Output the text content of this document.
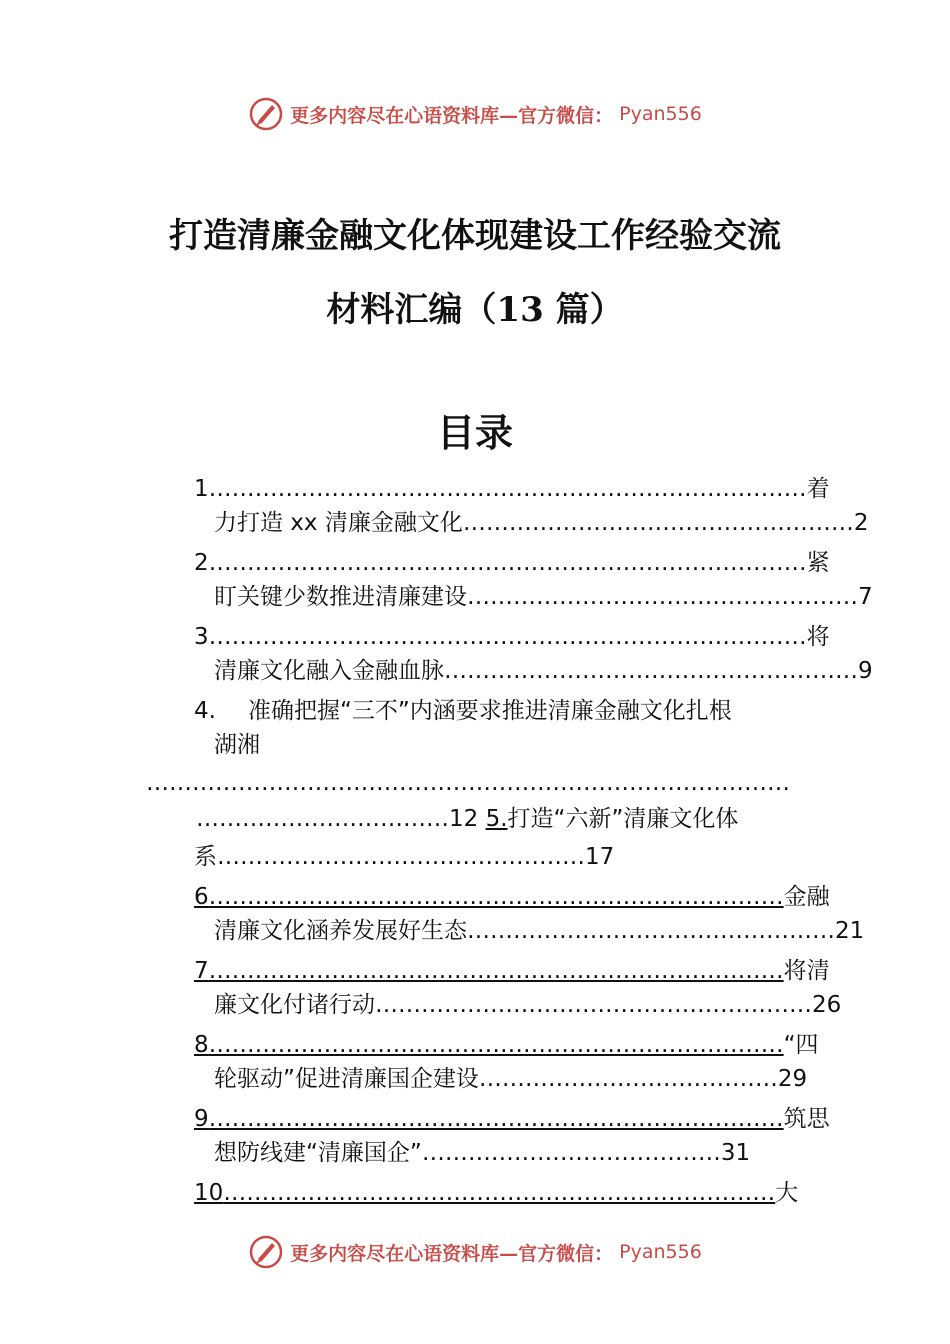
更多内容尽在心语资料库—官方微信： Pyan556
打造清廉金融文化体现建设工作经验交流
材料汇编（13 篇）
目录
1……………………………………………………………………着
力打造 xx 清廉金融文化……………………………………………2
2……………………………………………………………………紧
盯关键少数推进清廉建设……………………………………………7
3……………………………………………………………………将
清廉文化融入金融血脉………………………………………………9
4. 准确把握“三不”内涵要求推进清廉金融文化扎根
湖湘
…………………………………………………………………………
……………………………12 5.打造“六新”清廉文化体
系…………………………………………17
6…………………………………………………………………金融
清廉文化涵养发展好生态…………………………………………21
7…………………………………………………………………将清
廉文化付诸行动…………………………………………………26
8…………………………………………………………………“四
轮驱动”促进清廉国企建设…………………………………29
9…………………………………………………………………筑思
想防线建“清廉国企”…………………………………31
10………………………………………………………………大
更多内容尽在心语资料库—官方微信： Pyan556
